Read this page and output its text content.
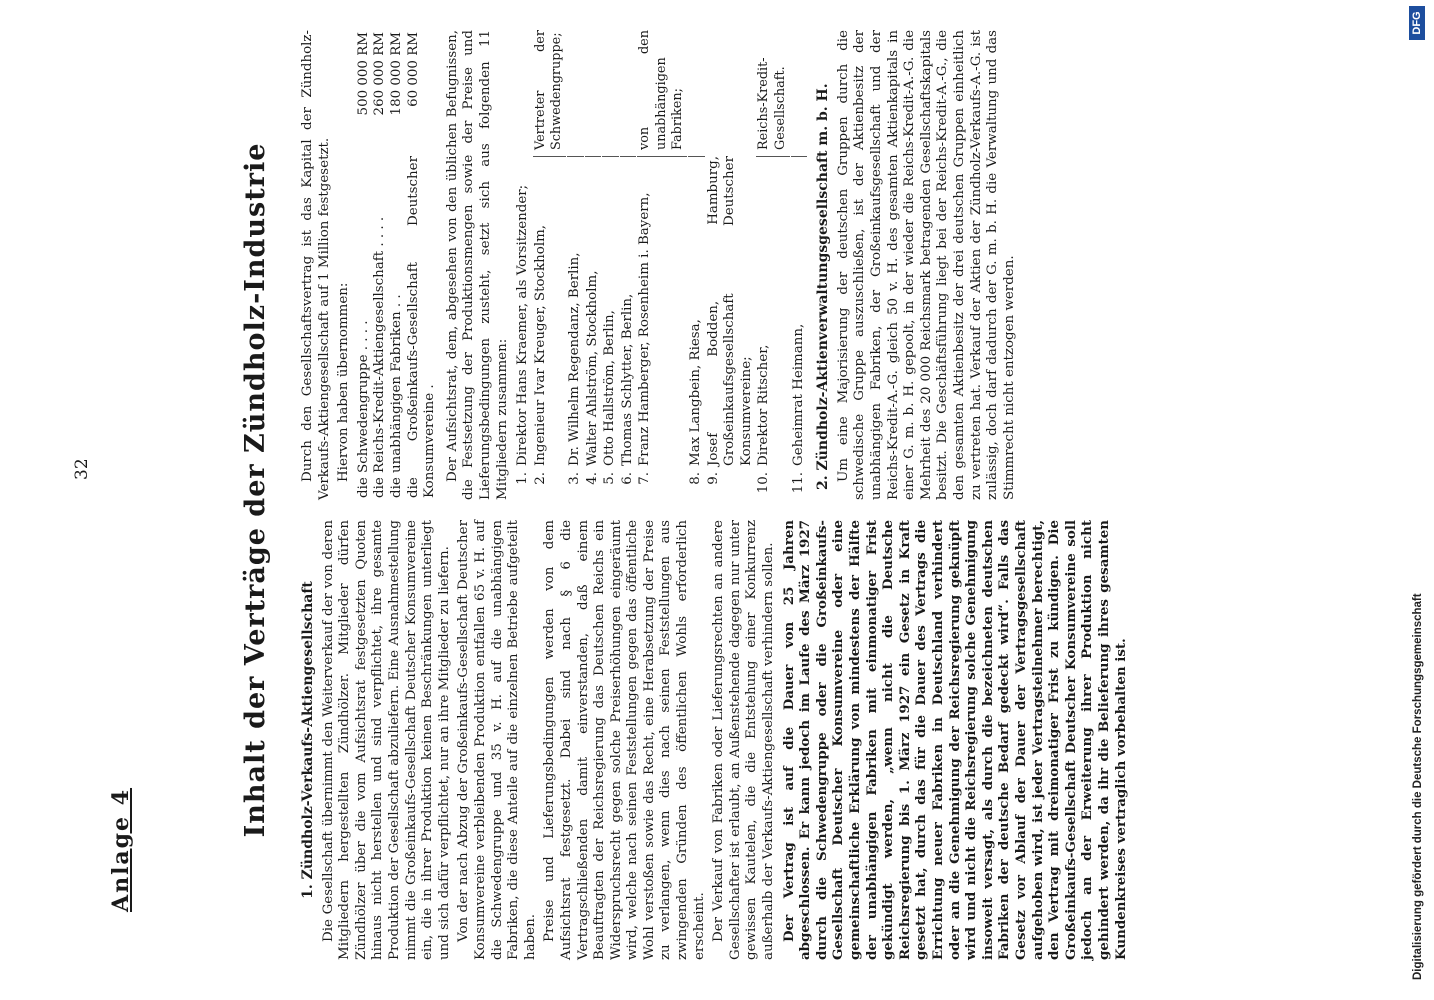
Anlage 4
32	Inhalt der Verträge der Zündholz-Industrie 1. Zündholz-Verkaufs-Aktiengesellschaft Die Gesellschaft übernimmt den Weiterverkauf der von deren Mitgliedern hergestellten Zündhölzer. Mitglieder dürfen Zündhölzer über die vom Aufsichtsrat festgesetzten Quoten hinaus nicht herstellen und sind verpflichtet, ihre gesamte Produktion der Gesellschaft abzuliefern. Eine Ausnahmestellung nimmt die Großeinkaufs-Gesellschaft Deutscher Konsumvereine ein, die in ihrer Produktion keinen Beschränkungen unterliegt und sich dafür verpflichtet, nur an ihre Mitglieder zu liefern. Von der nach Abzug der Großeinkaufs-Gesellschaft Deutscher Konsumvereine verbleibenden Produktion entfallen 65 v. H. auf die Schwedengruppe und 35 v. H. auf die unabhängigen Fabriken, die diese Anteile auf die einzelnen Betriebe aufgeteilt haben. Preise und Lieferungsbedingungen werden von dem Aufsichtsrat festgesetzt. Dabei sind nach § 6 die Vertragschließenden damit einverstanden, daß einem Beauftragten der Reichsregierung das Deutschen Reichs ein Widerspruchsrecht gegen solche Preiserhöhungen eingeräumt wird, welche nach seinen Feststellungen gegen das öffentliche Wohl verstoßen sowie das Recht, eine Herabsetzung der Preise zu verlangen, wenn dies nach seinen Feststellungen aus zwingenden Gründen des öffentlichen Wohls erforderlich erscheint. Der Verkauf von Fabriken oder Lieferungsrechten an andere Gesellschafter ist erlaubt, an Außenstehende dagegen nur unter gewissen Kautelen, die die Entstehung einer Konkurrenz außerhalb der Verkaufs-Aktiengesellschaft verhindern sollen. Der Vertrag ist auf die Dauer von 25 Jahren abgeschlossen. Er kann jedoch im Laufe des März 1927 durch die Schwedengruppe oder die Großeinkaufs-Gesellschaft Deutscher Konsumvereine oder eine gemeinschaftliche Erklärung von mindestens der Hälfte der unabhängigen Fabriken mit einmonatiger Frist gekündigt werden, „wenn nicht die Deutsche Reichsregierung bis 1. März 1927 ein Gesetz in Kraft gesetzt hat, durch das für die Dauer des Vertrags die Errichtung neuer Fabriken in Deutschland verhindert oder an die Genehmigung der Reichsregierung geknüpft wird und nicht die Reichsregierung solche Genehmigung insoweit versagt, als durch die bezeichneten deutschen Fabriken der deutsche Bedarf gedeckt wird“. Falls das Gesetz vor Ablauf der Dauer der Vertragsgesellschaft aufgehoben wird, ist jeder Vertragsteilnehmer berechtigt, den Vertrag mit dreimonatiger Frist zu kündigen. Die Großeinkaufs-Gesellschaft Deutscher Konsumvereine soll jedoch an der Erweiterung ihrer Produktion nicht gehindert werden, da ihr die Belieferung ihres gesamten Kundenkreises vertraglich vorbehalten ist.

Durch den Gesellschaftsvertrag ist das Kapital der Zündholz-Verkaufs-Aktiengesellschaft auf 1 Million festgesetzt. Hiervon haben übernommen: die Schwedengruppe . . . .	500 000 RM
die Reichs-Kredit-Aktiengesellschaft . . . .	260 000 RM
die unabhängigen Fabriken . .	180 000 RM
die Großeinkaufs-Gesellschaft Deutscher Konsumvereine .	60 000 RM Der Aufsichtsrat, dem, abgesehen von den üblichen Befugnissen, die Festsetzung der Produktionsmengen sowie der Preise und Lieferungsbedingungen zusteht, setzt sich aus folgenden 11 Mitgliedern zusammen: 1.
Direktor Hans Kraemer, als Vorsitzender;
2.
Ingenieur Ivar Kreuger, Stockholm,
Vertreter der Schwedengruppe;
3.
Dr. Wilhelm Regendanz, Berlin,
4.
Walter Ahlström, Stockholm,
5.
Otto Hallström, Berlin,
6.
Thomas Schlytter, Berlin,
7.
Franz Hamberger, Rosenheim i. Bayern,
von den unabhängigen Fabriken;
8.
Max Langbein, Riesa,
9.
Josef Bodden, Hamburg, Großeinkaufsgesellschaft Deutscher Konsumvereine;
10.
Direktor Ritscher,
Reichs-Kredit-Gesellschaft.
11.
Geheimrat Heimann, 2. Zündholz-Aktienverwaltungsgesellschaft m. b. H. Um eine Majorisierung der deutschen Gruppen durch die schwedische Gruppe auszuschließen, ist der Aktienbesitz der unabhängigen Fabriken, der Großeinkaufsgesellschaft und der Reichs-Kredit-A.-G. gleich 50 v. H. des gesamten Aktienkapitals in einer G. m. b. H. gepoolt, in der wieder die Reichs-Kredit-A.-G. die Mehrheit des 20 000 Reichsmark betragenden Gesellschaftskapitals besitzt. Die Geschäftsführung liegt bei der Reichs-Kredit-A.-G., die den gesamten Aktienbesitz der drei deutschen Gruppen einheitlich zu vertreten hat. Verkauf der Aktien der Zündholz-Verkaufs-A.-G. ist zulässig, doch darf dadurch der G. m. b. H. die Verwaltung und das Stimmrecht nicht entzogen werden.

Digitalisierung gefördert durch die Deutsche Forschungsgemeinschaft
DFG
